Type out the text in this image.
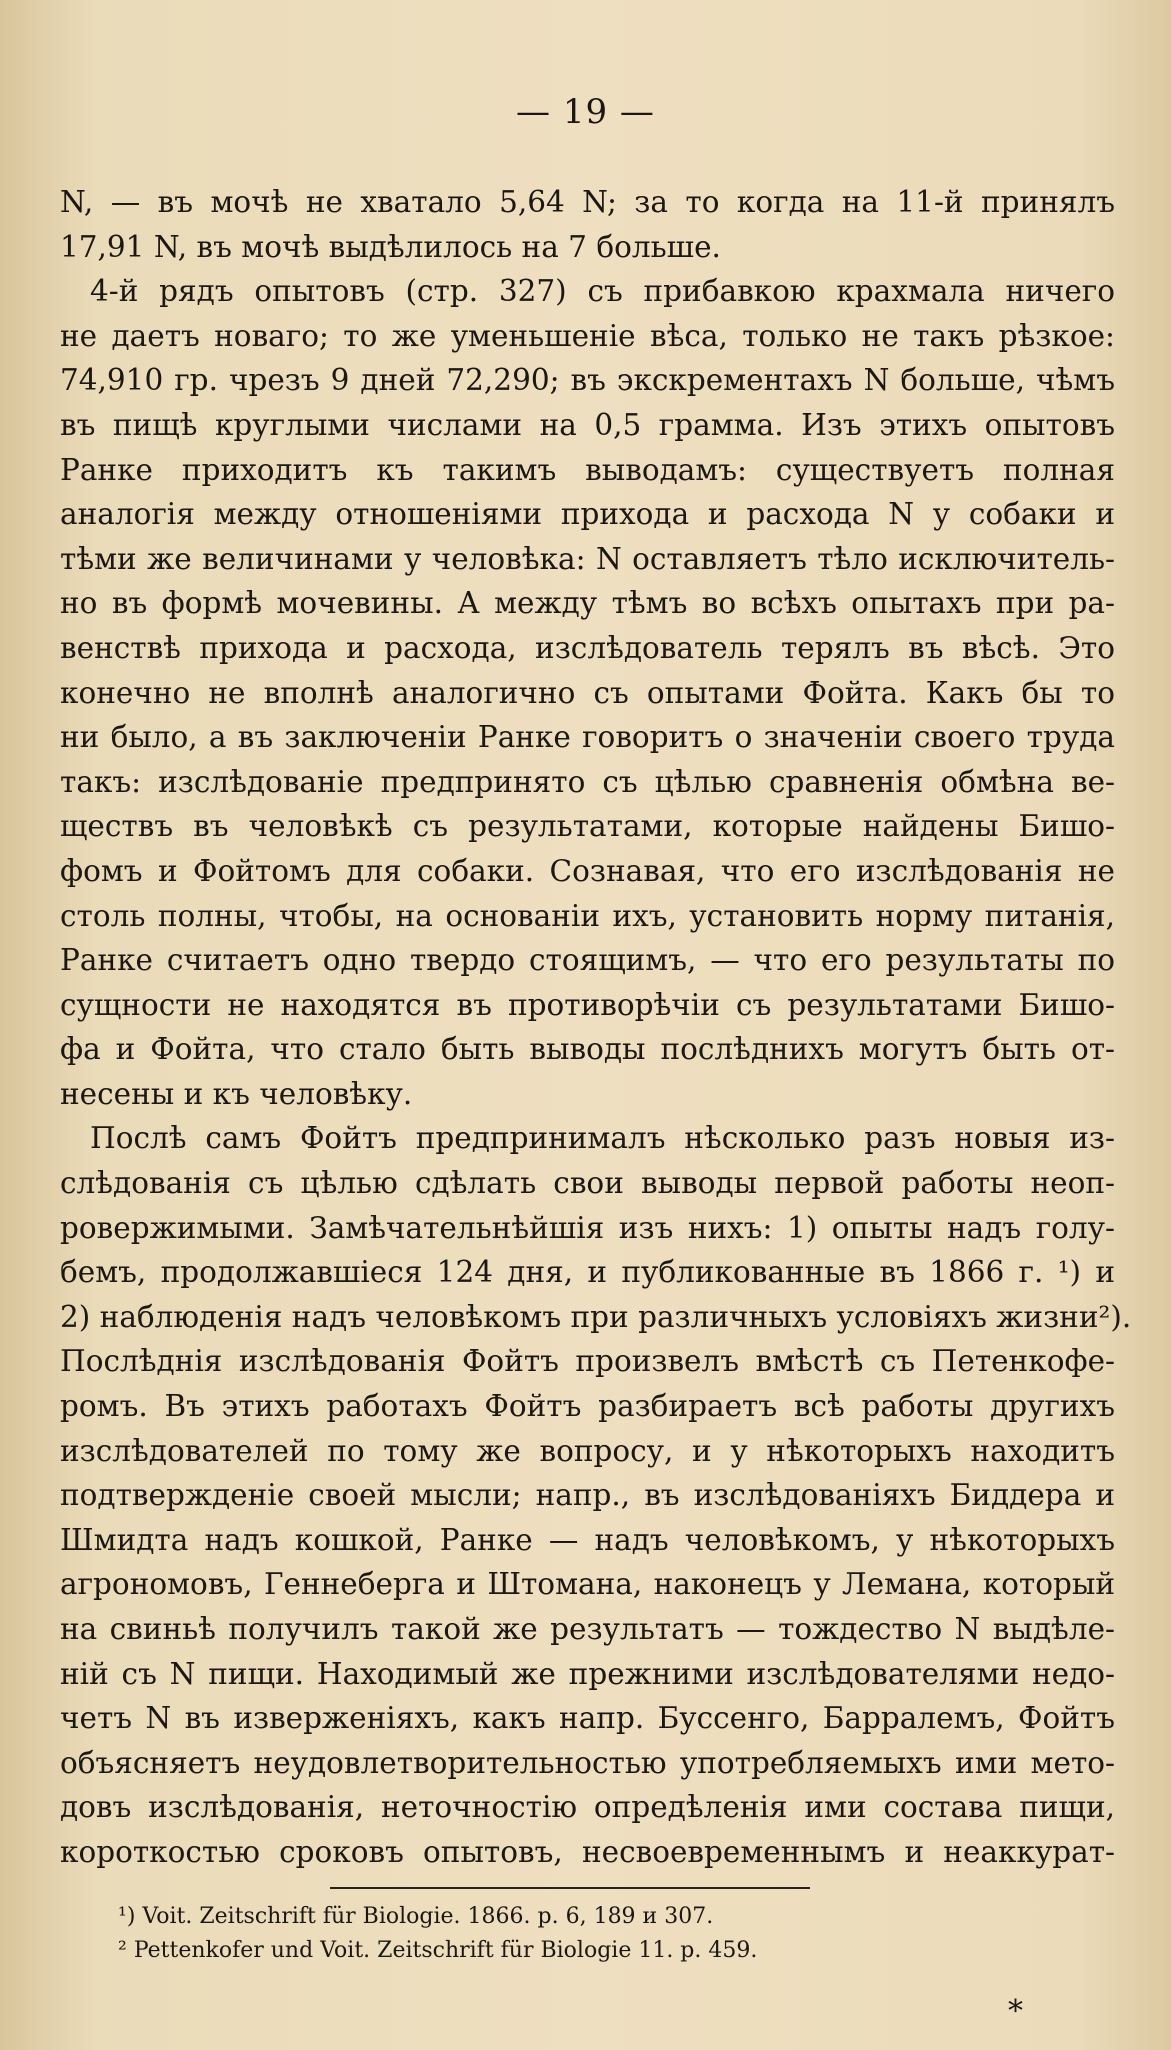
— 19 —
N, — въ мочѣ не хватало 5,64 N; за то когда на 11-й принялъ
17,91 N, въ мочѣ выдѣлилось на 7 больше.
4-й рядъ опытовъ (стр. 327) съ прибавкою крахмала ничего
не даетъ новаго; то же уменьшеніе вѣса, только не такъ рѣзкое:
74,910 гр. чрезъ 9 дней 72,290; въ экскрементахъ N больше, чѣмъ
въ пищѣ круглыми числами на 0,5 грамма. Изъ этихъ опытовъ
Ранке приходитъ къ такимъ выводамъ: существуетъ полная
аналогія между отношеніями прихода и расхода N у собаки и
тѣми же величинами у человѣка: N оставляетъ тѣло исключитель-
но въ формѣ мочевины. А между тѣмъ во всѣхъ опытахъ при ра-
венствѣ прихода и расхода, изслѣдователь терялъ въ вѣсѣ. Это
конечно не вполнѣ аналогично съ опытами Фойта. Какъ бы то
ни было, а въ заключеніи Ранке говоритъ о значеніи своего труда
такъ: изслѣдованіе предпринято съ цѣлью сравненія обмѣна ве-
ществъ въ человѣкѣ съ результатами, которые найдены Бишо-
фомъ и Фойтомъ для собаки. Сознавая, что его изслѣдованія не
столь полны, чтобы, на основаніи ихъ, установить норму питанія,
Ранке считаетъ одно твердо стоящимъ, — что его результаты по
сущности не находятся въ противорѣчіи съ результатами Бишо-
фа и Фойта, что стало быть выводы послѣднихъ могутъ быть от-
несены и къ человѣку.
Послѣ самъ Фойтъ предпринималъ нѣсколько разъ новыя из-
слѣдованія съ цѣлью сдѣлать свои выводы первой работы неоп-
ровержимыми. Замѣчательнѣйшія изъ нихъ: 1) опыты надъ голу-
бемъ, продолжавшіеся 124 дня, и публикованные въ 1866 г. ¹) и
2) наблюденія надъ человѣкомъ при различныхъ условіяхъ жизни²).
Послѣднія изслѣдованія Фойтъ произвелъ вмѣстѣ съ Петенкофе-
ромъ. Въ этихъ работахъ Фойтъ разбираетъ всѣ работы другихъ
изслѣдователей по тому же вопросу, и у нѣкоторыхъ находитъ
подтвержденіе своей мысли; напр., въ изслѣдованіяхъ Биддера и
Шмидта надъ кошкой, Ранке — надъ человѣкомъ, у нѣкоторыхъ
агрономовъ, Геннеберга и Штомана, наконецъ у Лемана, который
на свиньѣ получилъ такой же результатъ — тождество N выдѣле-
ній съ N пищи. Находимый же прежними изслѣдователями недо-
четъ N въ изверженіяхъ, какъ напр. Буссенго, Барралемъ, Фойтъ
объясняетъ неудовлетворительностью употребляемыхъ ими мето-
довъ изслѣдованія, неточностію опредѣленія ими состава пищи,
короткостью сроковъ опытовъ, несвоевременнымъ и неаккурат-
¹) Voit. Zeitschrift für Biologie. 1866. p. 6, 189 и 307.
² Pettenkofer und Voit. Zeitschrift für Biologie 11. p. 459.
*
